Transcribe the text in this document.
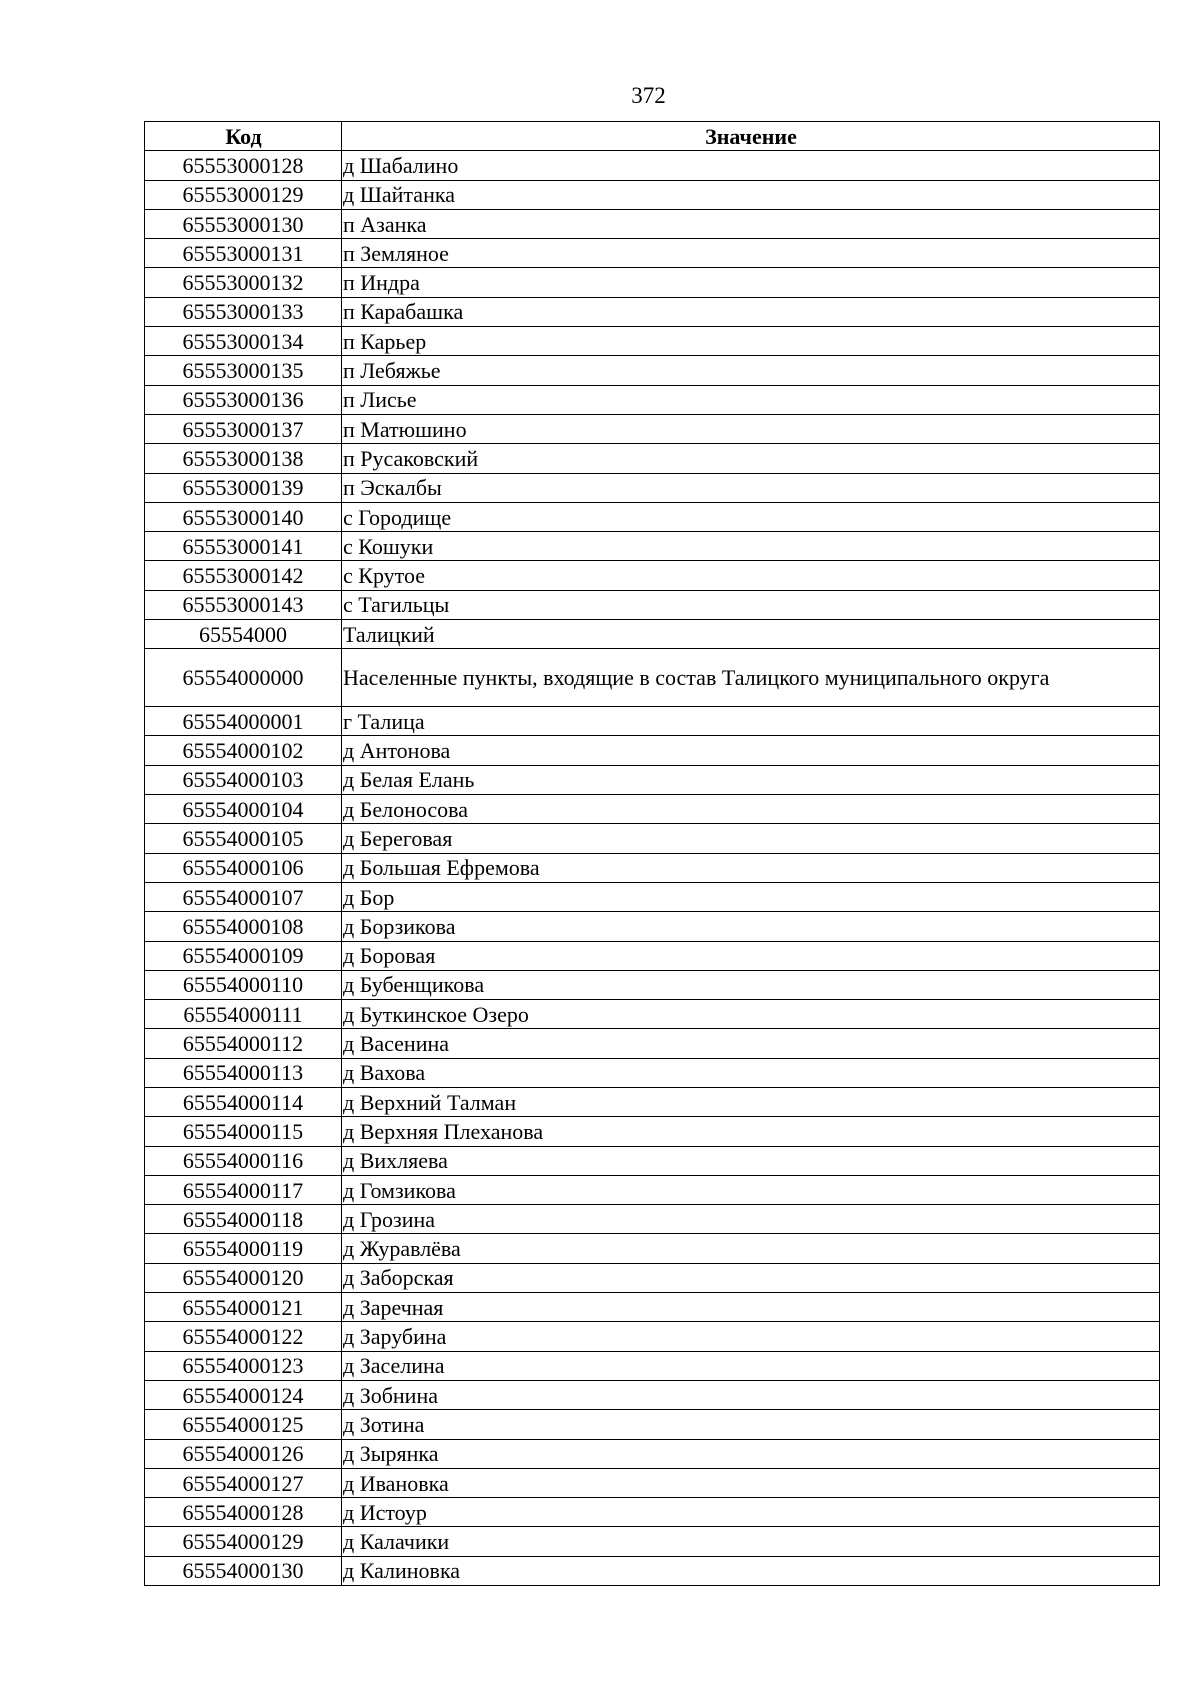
372
Код	Значение
65553000128	д Шабалино
65553000129	д Шайтанка
65553000130	п Азанка
65553000131	п Земляное
65553000132	п Индра
65553000133	п Карабашка
65553000134	п Карьер
65553000135	п Лебяжье
65553000136	п Лисье
65553000137	п Матюшино
65553000138	п Русаковский
65553000139	п Эскалбы
65553000140	с Городище
65553000141	с Кошуки
65553000142	с Крутое
65553000143	с Тагильцы
65554000	Талицкий
65554000000	Населенные пункты, входящие в состав Талицкого муниципального округа
65554000001	г Талица
65554000102	д Антонова
65554000103	д Белая Елань
65554000104	д Белоносова
65554000105	д Береговая
65554000106	д Большая Ефремова
65554000107	д Бор
65554000108	д Борзикова
65554000109	д Боровая
65554000110	д Бубенщикова
65554000111	д Буткинское Озеро
65554000112	д Васенина
65554000113	д Вахова
65554000114	д Верхний Талман
65554000115	д Верхняя Плеханова
65554000116	д Вихляева
65554000117	д Гомзикова
65554000118	д Грозина
65554000119	д Журавлёва
65554000120	д Заборская
65554000121	д Заречная
65554000122	д Зарубина
65554000123	д Заселина
65554000124	д Зобнина
65554000125	д Зотина
65554000126	д Зырянка
65554000127	д Ивановка
65554000128	д Истоур
65554000129	д Калачики
65554000130	д Калиновка
